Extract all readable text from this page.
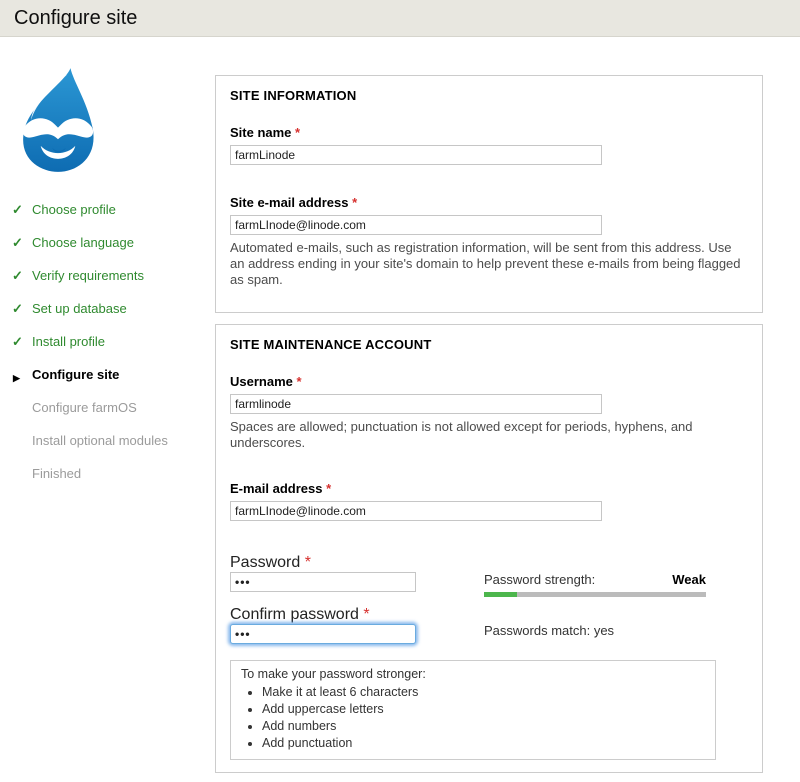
Configure site
✓ Choose profile
✓ Choose language
✓ Verify requirements
✓ Set up database
✓ Install profile
▶ Configure site
Configure farmOS
Install optional modules
Finished
SITE INFORMATION
Site name *
farmLinode
Site e-mail address *
farmLInode@linode.com
Automated e-mails, such as registration information, will be sent from this address. Use an address ending in your site's domain to help prevent these e-mails from being flagged as spam.
SITE MAINTENANCE ACCOUNT
Username *
farmlinode
Spaces are allowed; punctuation is not allowed except for periods, hyphens, and underscores.
E-mail address *
farmLInode@linode.com
Password * •••
Confirm password * •••
Password strength:	Weak
Passwords match: yes
To make your password stronger:
• Make it at least 6 characters
• Add uppercase letters
• Add numbers
• Add punctuation
